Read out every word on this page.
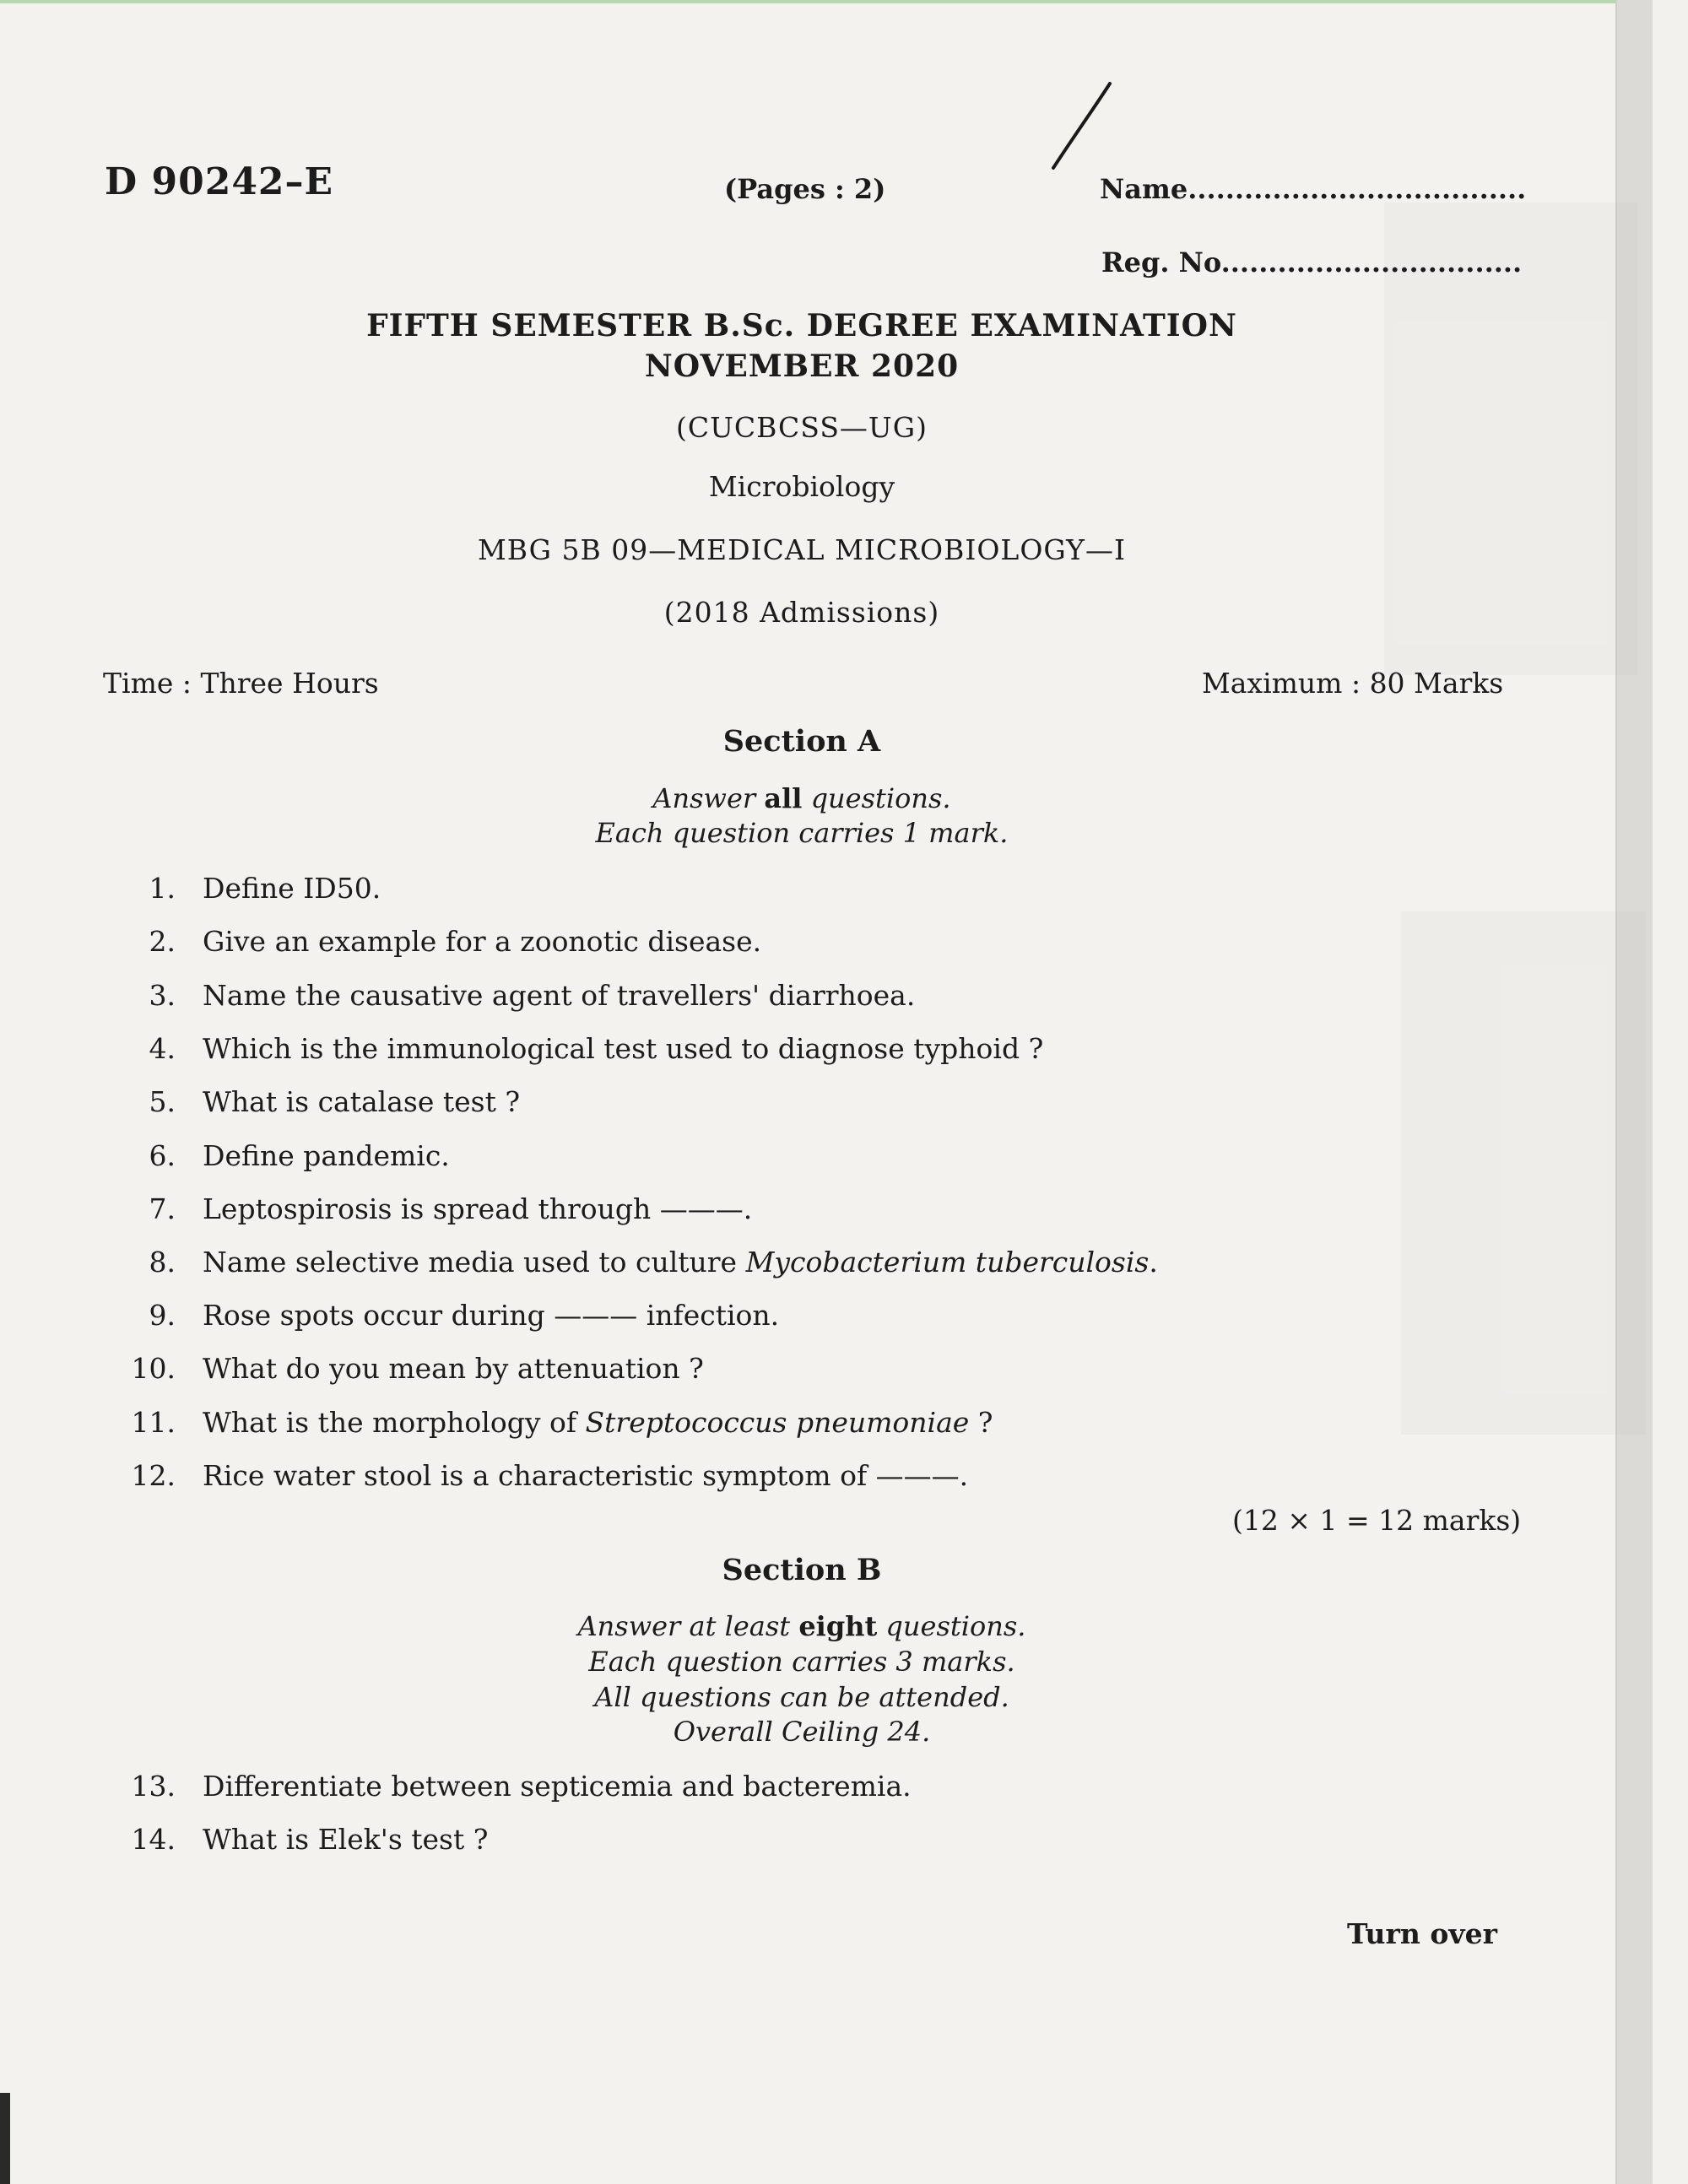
D 90242–E	(Pages : 2)	Name....................................
Reg. No................................
FIFTH SEMESTER B.Sc. DEGREE EXAMINATION
NOVEMBER 2020
(CUCBCSS—UG)
Microbiology
MBG 5B 09—MEDICAL MICROBIOLOGY—I
(2018 Admissions)
Time : Three Hours	Maximum : 80 Marks
Section A
Answer all questions.
Each question carries 1 mark.
1. Define ID50.
2. Give an example for a zoonotic disease.
3. Name the causative agent of travellers' diarrhoea.
4. Which is the immunological test used to diagnose typhoid ?
5. What is catalase test ?
6. Define pandemic.
7. Leptospirosis is spread through ———.
8. Name selective media used to culture Mycobacterium tuberculosis.
9. Rose spots occur during ——— infection.
10. What do you mean by attenuation ?
11. What is the morphology of Streptococcus pneumoniae ?
12. Rice water stool is a characteristic symptom of ———.
(12 × 1 = 12 marks)
Section B
Answer at least eight questions.
Each question carries 3 marks.
All questions can be attended.
Overall Ceiling 24.
13. Differentiate between septicemia and bacteremia.
14. What is Elek's test ?
Turn over
